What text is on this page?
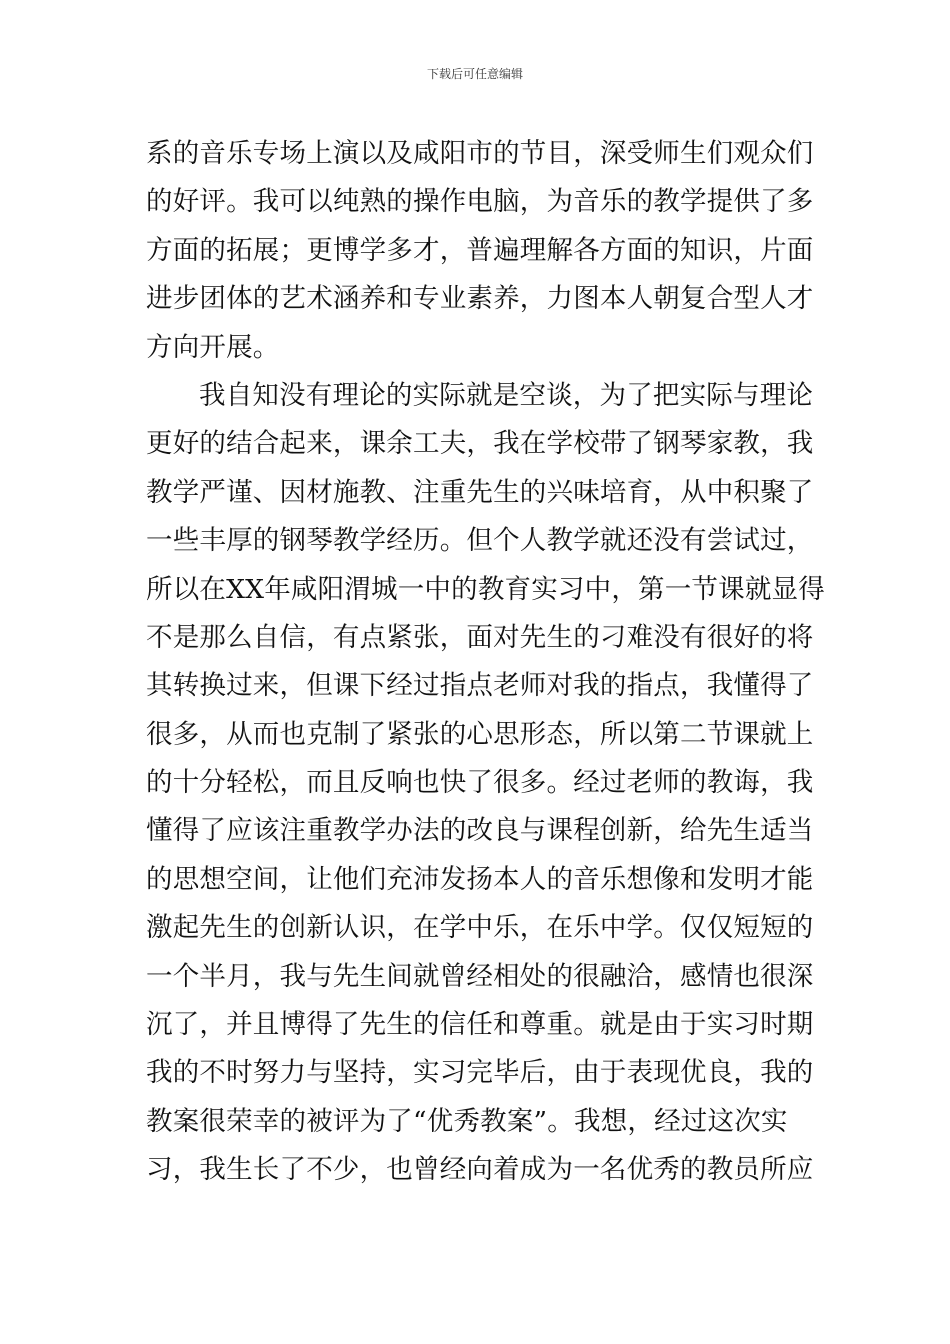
下载后可任意编辑
系的音乐专场上演以及咸阳市的节目，深受师生们观众们
的好评。我可以纯熟的操作电脑，为音乐的教学提供了多
方面的拓展；更博学多才，普遍理解各方面的知识，片面
进步团体的艺术涵养和专业素养，力图本人朝复合型人才
方向开展。
我自知没有理论的实际就是空谈，为了把实际与理论
更好的结合起来，课余工夫，我在学校带了钢琴家教，我
教学严谨、因材施教、注重先生的兴味培育，从中积聚了
一些丰厚的钢琴教学经历。但个人教学就还没有尝试过，
所以在XX年咸阳渭城一中的教育实习中，第一节课就显得
不是那么自信，有点紧张，面对先生的刁难没有很好的将
其转换过来，但课下经过指点老师对我的指点，我懂得了
很多，从而也克制了紧张的心思形态，所以第二节课就上
的十分轻松，而且反响也快了很多。经过老师的教诲，我
懂得了应该注重教学办法的改良与课程创新，给先生适当
的思想空间，让他们充沛发扬本人的音乐想像和发明才能
激起先生的创新认识，在学中乐，在乐中学。仅仅短短的
一个半月，我与先生间就曾经相处的很融洽，感情也很深
沉了，并且博得了先生的信任和尊重。就是由于实习时期
我的不时努力与坚持，实习完毕后，由于表现优良，我的
教案很荣幸的被评为了“优秀教案”。我想，经过这次实
习，我生长了不少，也曾经向着成为一名优秀的教员所应
